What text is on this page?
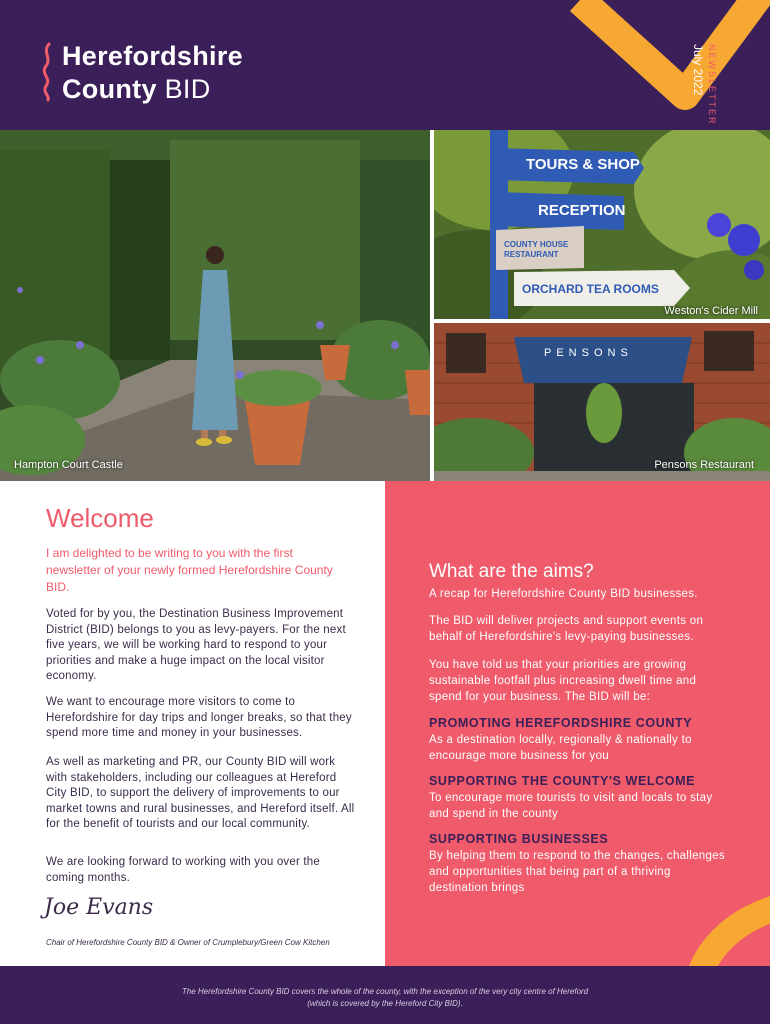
Herefordshire
County BID	NEWSLETTER
July 2022
Hampton Court Castle
TOURS & SHOP
RECEPTION
COUNTY HOUSE RESTAURANT
ORCHARD TEA ROOMS
Weston's Cider Mill
PENSONS
Pensons Restaurant
Welcome
I am delighted to be writing to you with the first newsletter of your newly formed Herefordshire County BID.
Voted for by you, the Destination Business Improvement District (BID) belongs to you as levy-payers. For the next five years, we will be working hard to respond to your priorities and make a huge impact on the local visitor economy.
We want to encourage more visitors to come to Herefordshire for day trips and longer breaks, so that they spend more time and money in your businesses.
As well as marketing and PR, our County BID will work with stakeholders, including our colleagues at Hereford City BID, to support the delivery of improvements to our market towns and rural businesses, and Hereford itself. All for the benefit of tourists and our local community.
We are looking forward to working with you over the coming months.
Joe Evans
Chair of Herefordshire County BID & Owner of Crumplebury/Green Cow Kitchen
What are the aims?
A recap for Herefordshire County BID businesses.
The BID will deliver projects and support events on behalf of Herefordshire's levy-paying businesses.
You have told us that your priorities are growing sustainable footfall plus increasing dwell time and spend for your business. The BID will be:
PROMOTING HEREFORDSHIRE COUNTY
As a destination locally, regionally & nationally to encourage more business for you
SUPPORTING THE COUNTY'S WELCOME
To encourage more tourists to visit and locals to stay and spend in the county
SUPPORTING BUSINESSES
By helping them to respond to the changes, challenges and opportunities that being part of a thriving destination brings
The Herefordshire County BID covers the whole of the county, with the exception of the very city centre of Hereford
(which is covered by the Hereford City BID).
